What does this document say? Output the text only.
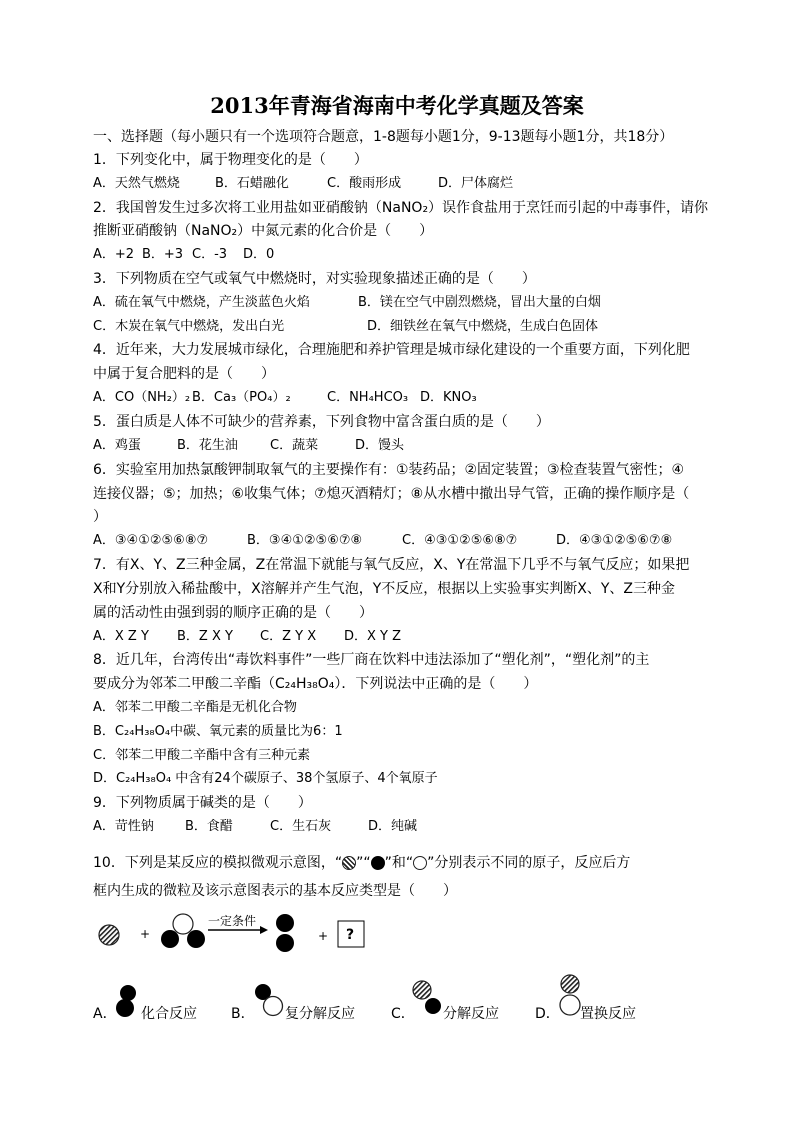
2013年青海省海南中考化学真题及答案
一、选择题（每小题只有一个选项符合题意，1-8题每小题1分，9-13题每小题1分，共18分）
1．下列变化中，属于物理变化的是（　　）
A．天然气燃烧	B．石蜡融化	C．酸雨形成	D．尸体腐烂
2．我国曾发生过多次将工业用盐如亚硝酸钠（NaNO₂）误作食盐用于烹饪而引起的中毒事件，请你
推断亚硝酸钠（NaNO₂）中氮元素的化合价是（　　）
A．+2 B．+3 C．-3 D．0
3．下列物质在空气或氧气中燃烧时，对实验现象描述正确的是（　　）
A．硫在氧气中燃烧，产生淡蓝色火焰	B．镁在空气中剧烈燃烧，冒出大量的白烟
C．木炭在氧气中燃烧，发出白光	D．细铁丝在氧气中燃烧，生成白色固体
4．近年来，大力发展城市绿化，合理施肥和养护管理是城市绿化建设的一个重要方面，下列化肥
中属于复合肥料的是（　　）
A．CO（NH₂）₂ B．Ca₃（PO₄）₂	C．NH₄HCO₃ D．KNO₃
5．蛋白质是人体不可缺少的营养素，下列食物中富含蛋白质的是（　　）
A．鸡蛋	B．花生油 C．蔬菜	D．馒头
6．实验室用加热氯酸钾制取氧气的主要操作有：①装药品；②固定装置；③检查装置气密性；④
连接仪器；⑤；加热；⑥收集气体；⑦熄灭酒精灯；⑧从水槽中撤出导气管，正确的操作顺序是（
）
A．③④①②⑤⑥⑧⑦	B．③④①②⑤⑥⑦⑧	C．④③①②⑤⑥⑧⑦	D．④③①②⑤⑥⑦⑧
7．有X、Y、Z三种金属，Z在常温下就能与氧气反应，X、Y在常温下几乎不与氧气反应；如果把
X和Y分别放入稀盐酸中，X溶解并产生气泡，Y不反应，根据以上实验事实判断X、Y、Z三种金
属的活动性由强到弱的顺序正确的是（　　）
A．X Z Y B．Z X Y C．Z Y X D．X Y Z
8．近几年，台湾传出“毒饮料事件”一些厂商在饮料中违法添加了“塑化剂”，“塑化剂”的主
要成分为邻苯二甲酸二辛酯（C₂₄H₃₈O₄）．下列说法中正确的是（　　）
A．邻苯二甲酸二辛酯是无机化合物
B．C₂₄H₃₈O₄中碳、氧元素的质量比为6：1
C．邻苯二甲酸二辛酯中含有三种元素
D．C₂₄H₃₈O₄ 中含有24个碳原子、38个氢原子、4个氧原子
9．下列物质属于碱类的是（　　）
A．苛性钠 B．食醋	C．生石灰	D．纯碱
10．下列是某反应的模拟微观示意图，“ ”“ ”和“ ”分别表示不同的原子，反应后方
框内生成的微粒及该示意图表示的基本反应类型是（　　）
+
一定条件
+ ?
A． 化合反应 B． 复分解反应	C． 分解反应	D． 置换反应
